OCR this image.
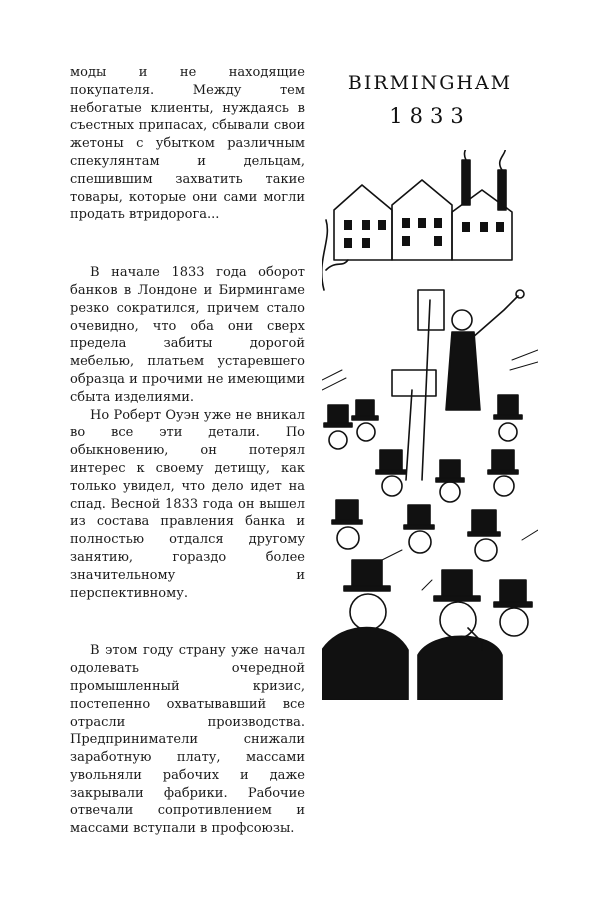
моды и не находящие покупателя. Между тем небогатые клиенты, нуждаясь в съестных припасах, сбывали свои жетоны с убытком различным спекулянтам и дельцам, спешившим захватить такие товары, которые они сами могли продать втридорога...

В начале 1833 года оборот банков в Лондоне и Бирмингаме резко сократился, причем стало очевидно, что оба они сверх предела забиты дорогой мебелью, платьем устаревшего образца и прочими не имеющими сбыта изделиями.

Но Роберт Оуэн уже не вникал во все эти детали. По обыкновению, он потерял интерес к своему детищу, как только увидел, что дело идет на спад. Весной 1833 года он вышел из состава правления банка и полностью отдался другому занятию, гораздо более значительному и перспективному.

В этом году страну уже начал одолевать очередной промышленный кризис, постепенно охватывавший все отрасли производства. Предприниматели снижали заработную плату, массами увольняли рабочих и даже закрывали фабрики. Рабочие отвечали сопротивлением и массами вступали в профсоюзы.

BIRMINGHAM
1833
